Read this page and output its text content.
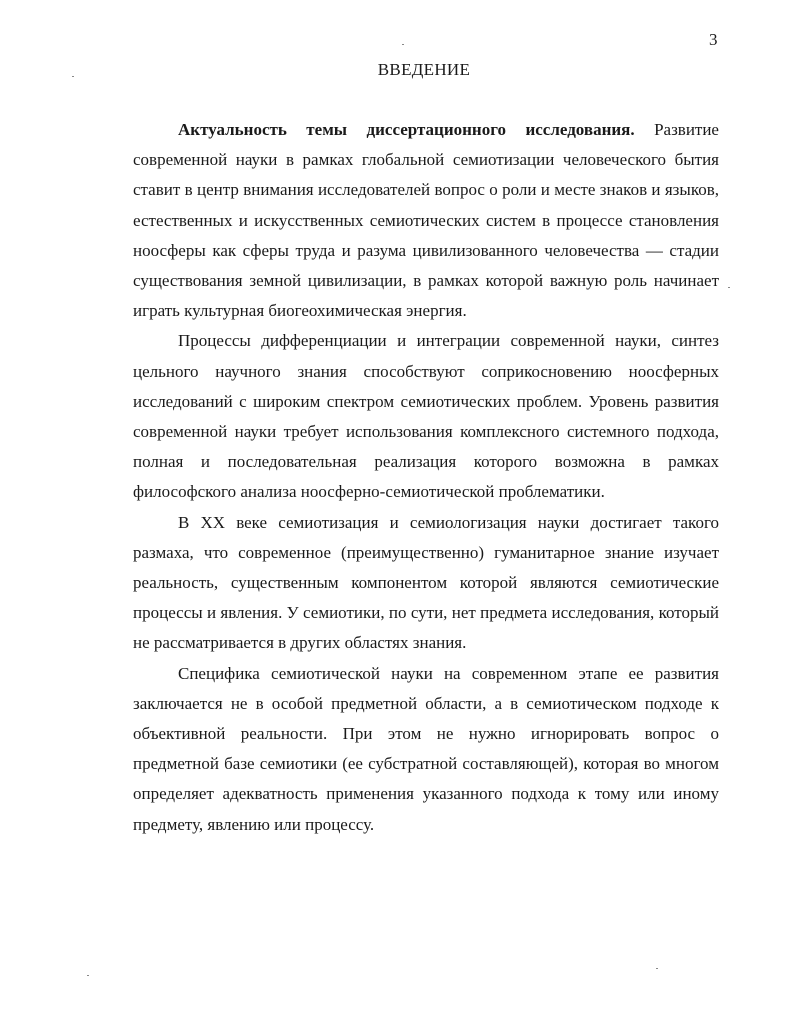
3
ВВЕДЕНИЕ

Актуальность темы диссертационного исследования. Развитие современной науки в рамках глобальной семиотизации человеческого бытия ставит в центр внимания исследователей вопрос о роли и месте знаков и языков, естественных и искусственных семиотических систем в процессе становления ноосферы как сферы труда и разума цивилизованного человечества — стадии существования земной цивилизации, в рамках которой важную роль начинает играть культурная биогеохимическая энергия.

Процессы дифференциации и интеграции современной науки, синтез цельного научного знания способствуют соприкосновению ноосферных исследований с широким спектром семиотических проблем. Уровень развития современной науки требует использования комплексного системного подхода, полная и последовательная реализация которого возможна в рамках философского анализа ноосферно-семиотической проблематики.

В XX веке семиотизация и семиологизация науки достигает такого размаха, что современное (преимущественно) гуманитарное знание изучает реальность, существенным компонентом которой являются семиотические процессы и явления. У семиотики, по сути, нет предмета исследования, который не рассматривается в других областях знания.

Специфика семиотической науки на современном этапе ее развития заключается не в особой предметной области, а в семиотическом подходе к объективной реальности. При этом не нужно игнорировать вопрос о предметной базе семиотики (ее субстратной составляющей), которая во многом определяет адекватность применения указанного подхода к тому или иному предмету, явлению или процессу.
